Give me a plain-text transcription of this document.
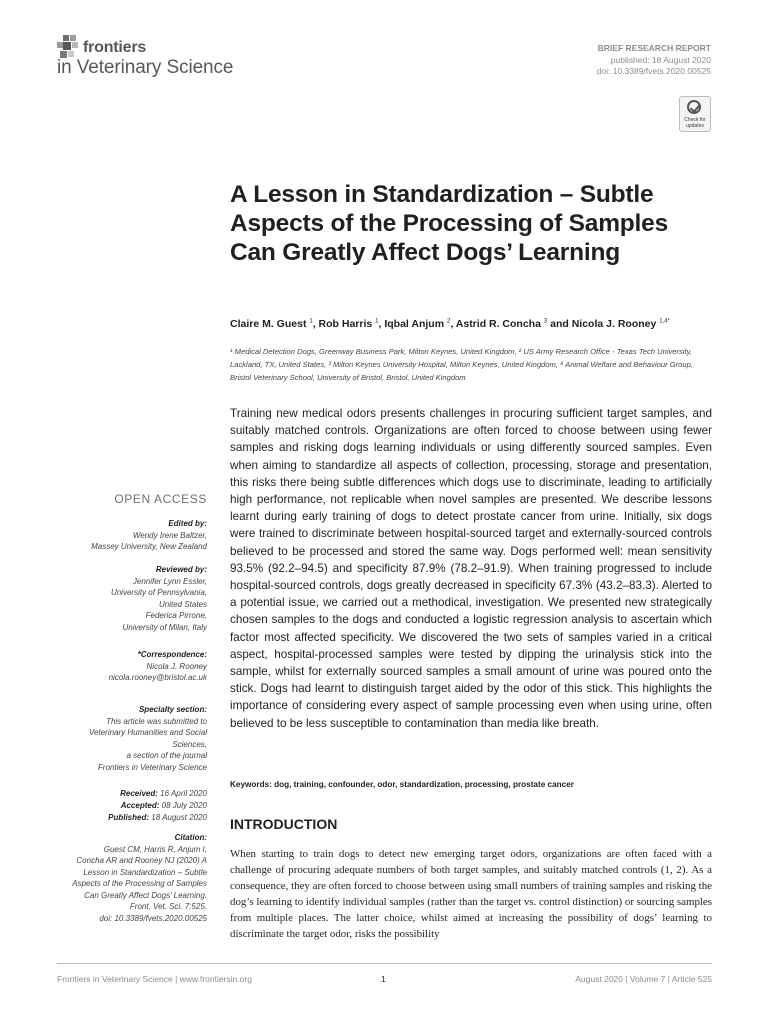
frontiers
in Veterinary Science
BRIEF RESEARCH REPORT
published: 18 August 2020
doi: 10.3389/fvets.2020.00525
Check for updates
A Lesson in Standardization – Subtle Aspects of the Processing of Samples Can Greatly Affect Dogs’ Learning
Claire M. Guest $^1$, Rob Harris $^1$, Iqbal Anjum $^2$, Astrid R. Concha $^3$ and Nicola J. Rooney $^{1,4*}$
¹ Medical Detection Dogs, Greenway Business Park, Milton Keynes, United Kingdom, ² US Army Research Office - Texas Tech University, Lackland, TX, United States, ³ Milton Keynes University Hospital, Milton Keynes, United Kingdom, ⁴ Animal Welfare and Behaviour Group, Bristol Veterinary School, University of Bristol, Bristol, United Kingdom

Training new medical odors presents challenges in procuring sufficient target samples, and suitably matched controls. Organizations are often forced to choose between using fewer samples and risking dogs learning individuals or using differently sourced samples. Even when aiming to standardize all aspects of collection, processing, storage and presentation, this risks there being subtle differences which dogs use to discriminate, leading to artificially high performance, not replicable when novel samples are presented. We describe lessons learnt during early training of dogs to detect prostate cancer from urine. Initially, six dogs were trained to discriminate between hospital-sourced target and externally-sourced controls believed to be processed and stored the same way. Dogs performed well: mean sensitivity 93.5% (92.2–94.5) and specificity 87.9% (78.2–91.9). When training progressed to include hospital-sourced controls, dogs greatly decreased in specificity 67.3% (43.2–83.3). Alerted to a potential issue, we carried out a methodical, investigation. We presented new strategically chosen samples to the dogs and conducted a logistic regression analysis to ascertain which factor most affected specificity. We discovered the two sets of samples varied in a critical aspect, hospital-processed samples were tested by dipping the urinalysis stick into the sample, whilst for externally sourced samples a small amount of urine was poured onto the stick. Dogs had learnt to distinguish target aided by the odor of this stick. This highlights the importance of considering every aspect of sample processing even when using urine, often believed to be less susceptible to contamination than media like breath.

Keywords: dog, training, confounder, odor, standardization, processing, prostate cancer
INTRODUCTION

When starting to train dogs to detect new emerging target odors, organizations are often faced with a challenge of procuring adequate numbers of both target samples, and suitably matched controls (1, 2). As a consequence, they are often forced to choose between using small numbers of training samples and risking the dog’s learning to identify individual samples (rather than the target vs. control distinction) or sourcing samples from multiple places. The latter choice, whilst aimed at increasing the possibility of dogs’ learning to discriminate the target odor, risks the possibility

OPEN ACCESS
Edited by:
Wendy Irene Baltzer,
Massey University, New Zealand
Reviewed by:
Jennifer Lynn Essler,
University of Pennsylvania,
United States
Federica Pirrone,
University of Milan, Italy
*Correspondence:
Nicola J. Rooney
nicola.rooney@bristol.ac.uk
Specialty section:
This article was submitted to
Veterinary Humanities and Social
Sciences,
a section of the journal
Frontiers in Veterinary Science
Received: 16 April 2020
Accepted: 08 July 2020
Published: 18 August 2020
Citation:
Guest CM, Harris R, Anjum I,
Concha AR and Rooney NJ (2020) A
Lesson in Standardization – Subtle
Aspects of the Processing of Samples
Can Greatly Affect Dogs’ Learning.
Front. Vet. Sci. 7:525.
doi: 10.3389/fvets.2020.00525
Frontiers in Veterinary Science | www.frontiersin.org	1	August 2020 | Volume 7 | Article 525
